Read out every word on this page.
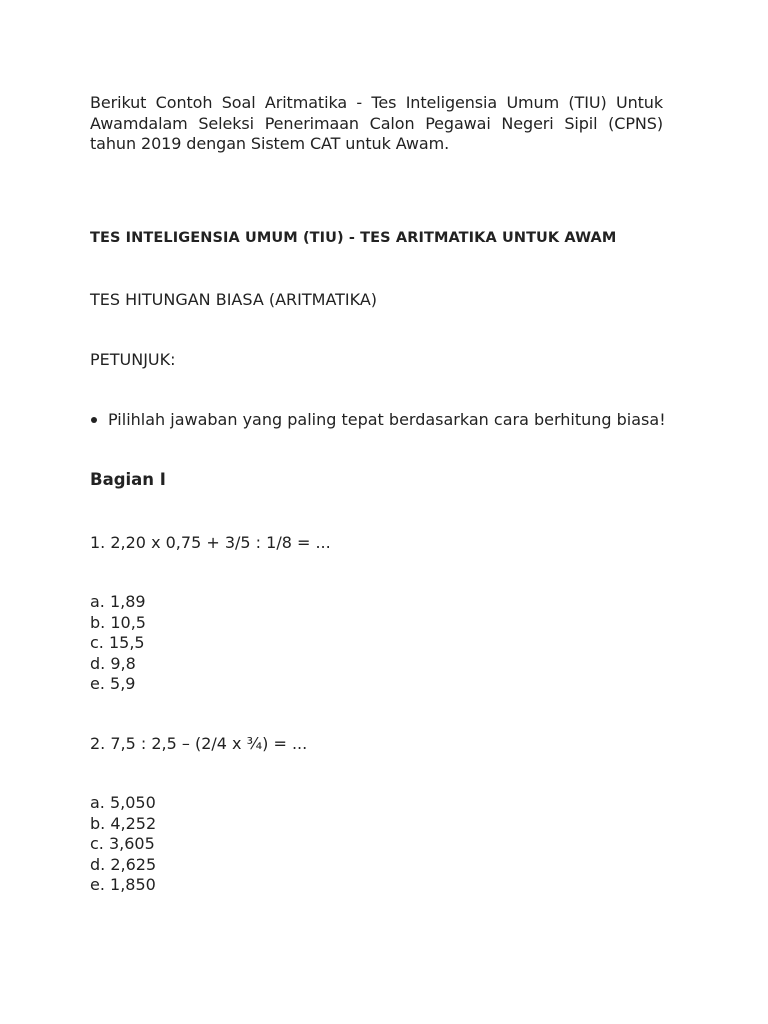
Berikut Contoh Soal Aritmatika - Tes Inteligensia Umum (TIU) Untuk Awamdalam Seleksi Penerimaan Calon Pegawai Negeri Sipil (CPNS) tahun 2019 dengan Sistem CAT untuk Awam.

TES INTELIGENSIA UMUM (TIU) - TES ARITMATIKA UNTUK AWAM

TES HITUNGAN BIASA (ARITMATIKA)

PETUNJUK:

Pilihlah jawaban yang paling tepat berdasarkan cara berhitung biasa!
Bagian I

1. 2,20 x 0,75 + 3/5 : 1/8 = ...

a. 1,89
b. 10,5
c. 15,5
d. 9,8
e. 5,9

2. 7,5 : 2,5 – (2/4 x ¾) = ...

a. 5,050
b. 4,252
c. 3,605
d. 2,625
e. 1,850
